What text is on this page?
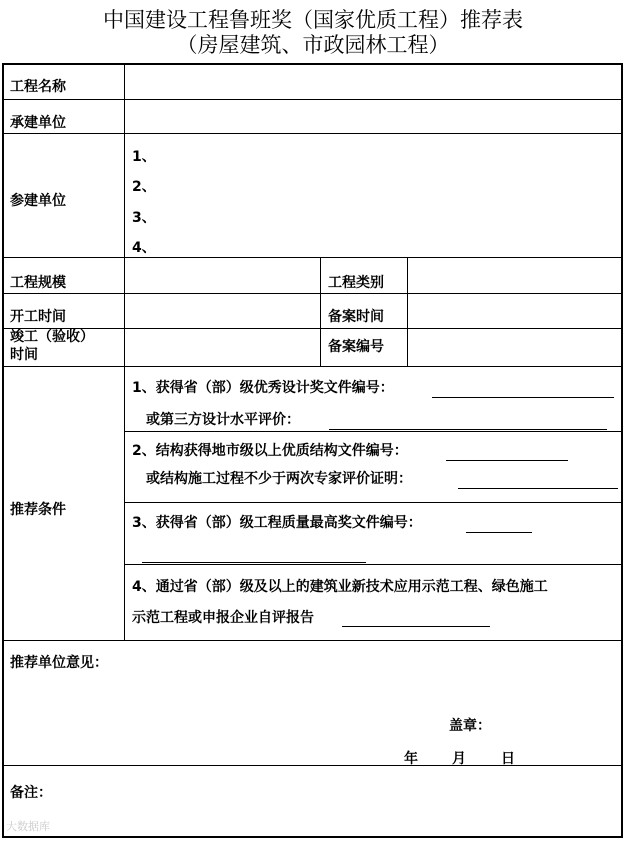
中国建设工程鲁班奖（国家优质工程）推荐表
（房屋建筑、市政园林工程）
工程名称
承建单位
参建单位
1、
2、
3、
4、
工程规模	工程类别
开工时间	备案时间
竣工（验收）
时间	备案编号
推荐条件
1、获得省（部）级优秀设计奖文件编号：
或第三方设计水平评价：
2、结构获得地市级以上优质结构文件编号：
或结构施工过程不少于两次专家评价证明：
3、获得省（部）级工程质量最高奖文件编号：
4、通过省（部）级及以上的建筑业新技术应用示范工程、绿色施工
示范工程或申报企业自评报告
推荐单位意见：
盖章：
年 月	日
备注：
大数据库
